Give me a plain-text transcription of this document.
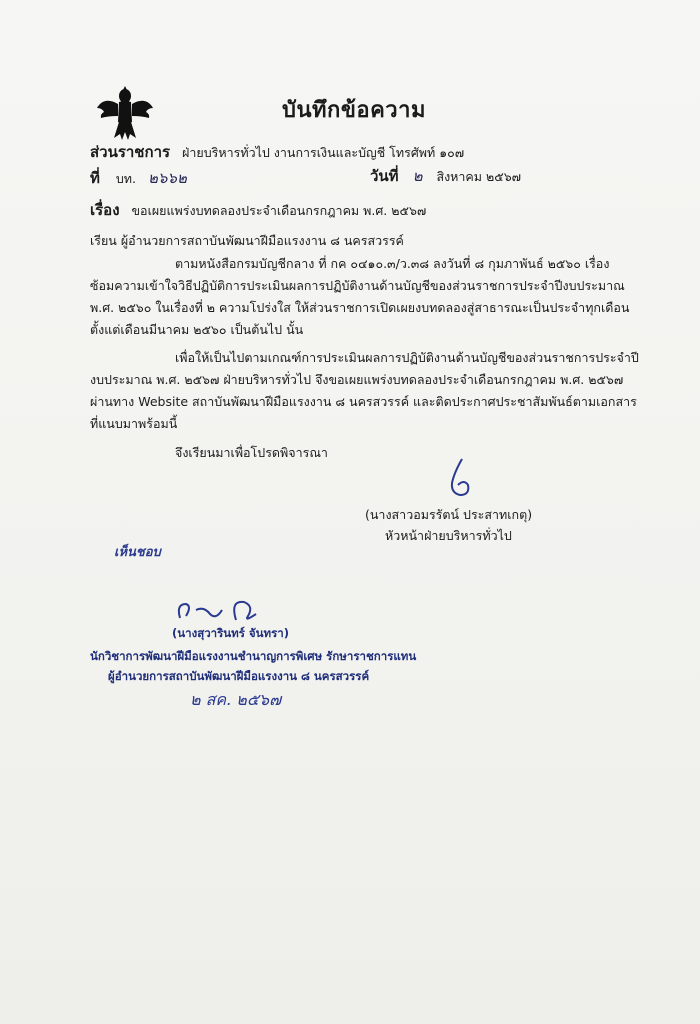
บันทึกข้อความ
ส่วนราชการ ฝ่ายบริหารทั่วไป งานการเงินและบัญชี โทรศัพท์ ๑๐๗
ที่ บท. ๒๖๖๒	วันที่ ๒ สิงหาคม ๒๕๖๗
เรื่อง ขอเผยแพร่งบทดลองประจำเดือนกรกฎาคม พ.ศ. ๒๕๖๗
เรียน ผู้อำนวยการสถาบันพัฒนาฝีมือแรงงาน ๘ นครสวรรค์
ตามหนังสือกรมบัญชีกลาง ที่ กค ๐๔๑๐.๓/ว.๓๘ ลงวันที่ ๘ กุมภาพันธ์ ๒๕๖๐ เรื่อง
ซ้อมความเข้าใจวิธีปฏิบัติการประเมินผลการปฏิบัติงานด้านบัญชีของส่วนราชการประจำปีงบประมาณ
พ.ศ. ๒๕๖๐ ในเรื่องที่ ๒ ความโปร่งใส ให้ส่วนราชการเปิดเผยงบทดลองสู่สาธารณะเป็นประจำทุกเดือน
ตั้งแต่เดือนมีนาคม ๒๕๖๐ เป็นต้นไป นั้น
เพื่อให้เป็นไปตามเกณฑ์การประเมินผลการปฏิบัติงานด้านบัญชีของส่วนราชการประจำปี
งบประมาณ พ.ศ. ๒๕๖๗ ฝ่ายบริหารทั่วไป จึงขอเผยแพร่งบทดลองประจำเดือนกรกฎาคม พ.ศ. ๒๕๖๗
ผ่านทาง Website สถาบันพัฒนาฝีมือแรงงาน ๘ นครสวรรค์ และติดประกาศประชาสัมพันธ์ตามเอกสาร
ที่แนบมาพร้อมนี้
จึงเรียนมาเพื่อโปรดพิจารณา
(นางสาวอมรรัตน์ ประสาทเกตุ)
หัวหน้าฝ่ายบริหารทั่วไป
เห็นชอบ
(นางสุวารินทร์ จันทรา)
นักวิชาการพัฒนาฝีมือแรงงานชำนาญการพิเศษ รักษาราชการแทน
ผู้อำนวยการสถาบันพัฒนาฝีมือแรงงาน ๘ นครสวรรค์
๒ สค. ๒๕๖๗
